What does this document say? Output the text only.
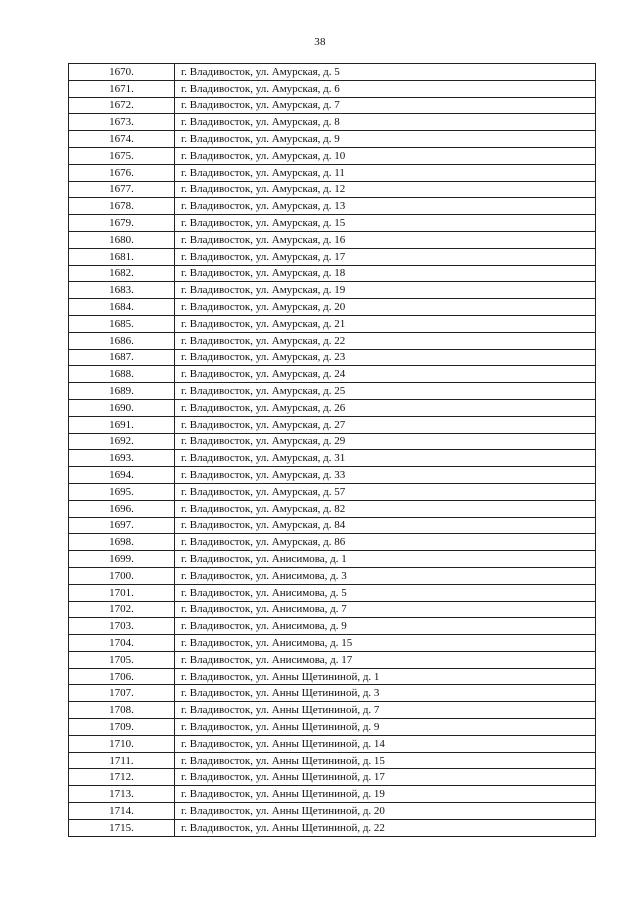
38
1670.	г. Владивосток, ул. Амурская, д. 5
1671.	г. Владивосток, ул. Амурская, д. 6
1672.	г. Владивосток, ул. Амурская, д. 7
1673.	г. Владивосток, ул. Амурская, д. 8
1674.	г. Владивосток, ул. Амурская, д. 9
1675.	г. Владивосток, ул. Амурская, д. 10
1676.	г. Владивосток, ул. Амурская, д. 11
1677.	г. Владивосток, ул. Амурская, д. 12
1678.	г. Владивосток, ул. Амурская, д. 13
1679.	г. Владивосток, ул. Амурская, д. 15
1680.	г. Владивосток, ул. Амурская, д. 16
1681.	г. Владивосток, ул. Амурская, д. 17
1682.	г. Владивосток, ул. Амурская, д. 18
1683.	г. Владивосток, ул. Амурская, д. 19
1684.	г. Владивосток, ул. Амурская, д. 20
1685.	г. Владивосток, ул. Амурская, д. 21
1686.	г. Владивосток, ул. Амурская, д. 22
1687.	г. Владивосток, ул. Амурская, д. 23
1688.	г. Владивосток, ул. Амурская, д. 24
1689.	г. Владивосток, ул. Амурская, д. 25
1690.	г. Владивосток, ул. Амурская, д. 26
1691.	г. Владивосток, ул. Амурская, д. 27
1692.	г. Владивосток, ул. Амурская, д. 29
1693.	г. Владивосток, ул. Амурская, д. 31
1694.	г. Владивосток, ул. Амурская, д. 33
1695.	г. Владивосток, ул. Амурская, д. 57
1696.	г. Владивосток, ул. Амурская, д. 82
1697.	г. Владивосток, ул. Амурская, д. 84
1698.	г. Владивосток, ул. Амурская, д. 86
1699.	г. Владивосток, ул. Анисимова, д. 1
1700.	г. Владивосток, ул. Анисимова, д. 3
1701.	г. Владивосток, ул. Анисимова, д. 5
1702.	г. Владивосток, ул. Анисимова, д. 7
1703.	г. Владивосток, ул. Анисимова, д. 9
1704.	г. Владивосток, ул. Анисимова, д. 15
1705.	г. Владивосток, ул. Анисимова, д. 17
1706.	г. Владивосток, ул. Анны Щетининой, д. 1
1707.	г. Владивосток, ул. Анны Щетининой, д. 3
1708.	г. Владивосток, ул. Анны Щетининой, д. 7
1709.	г. Владивосток, ул. Анны Щетининой, д. 9
1710.	г. Владивосток, ул. Анны Щетининой, д. 14
1711.	г. Владивосток, ул. Анны Щетининой, д. 15
1712.	г. Владивосток, ул. Анны Щетининой, д. 17
1713.	г. Владивосток, ул. Анны Щетининой, д. 19
1714.	г. Владивосток, ул. Анны Щетининой, д. 20
1715.	г. Владивосток, ул. Анны Щетининой, д. 22
